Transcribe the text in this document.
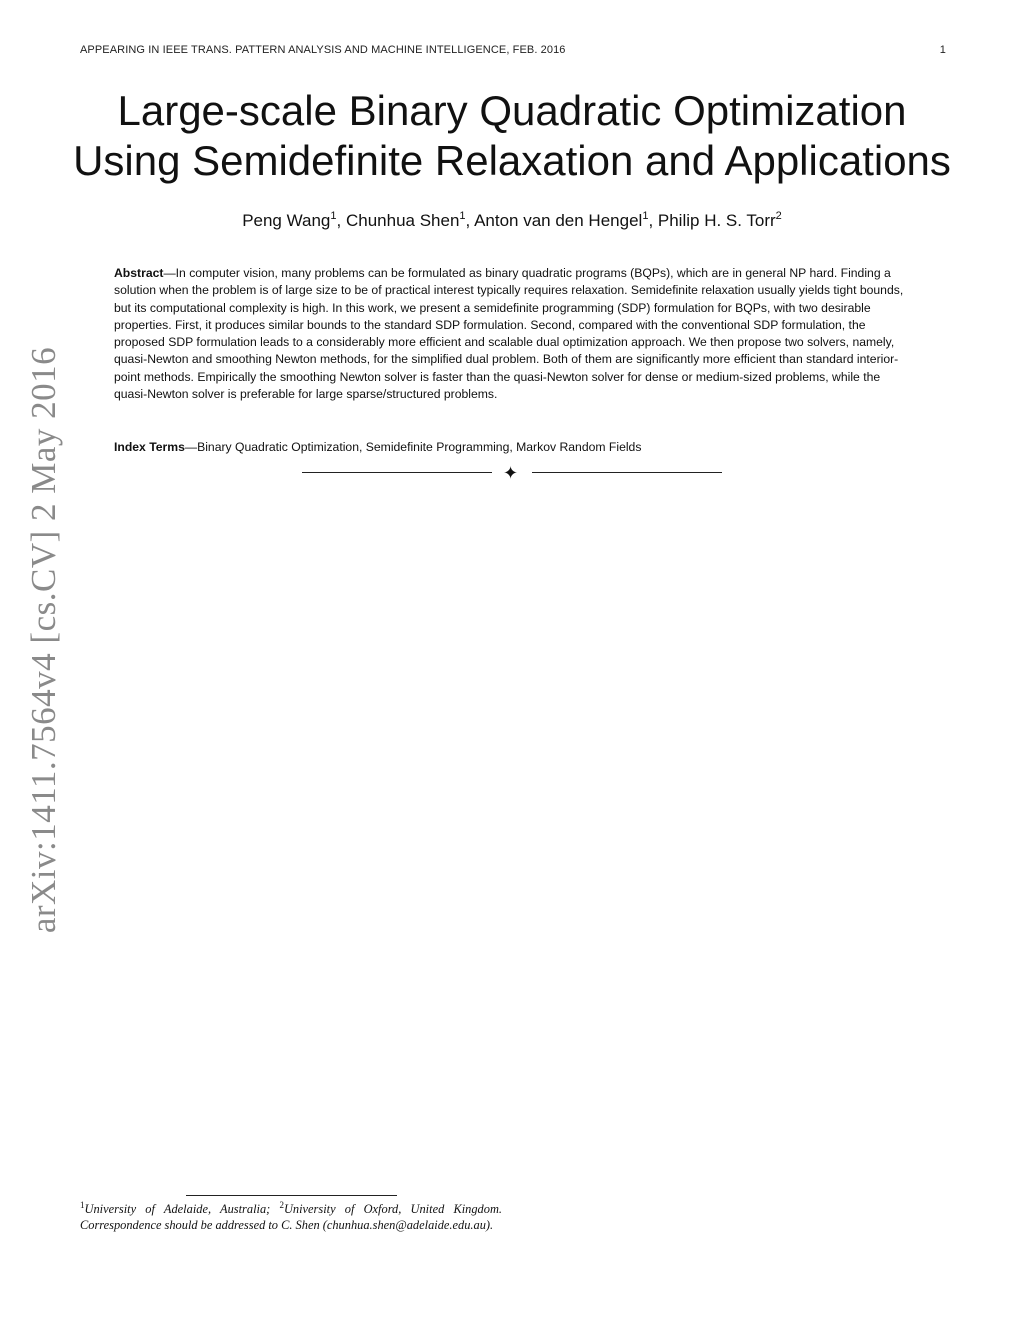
APPEARING IN IEEE TRANS. PATTERN ANALYSIS AND MACHINE INTELLIGENCE, FEB. 2016	1
Large-scale Binary Quadratic Optimization
Using Semidefinite Relaxation and Applications
Peng Wang$^1$, Chunhua Shen$^1$, Anton van den Hengel$^1$, Philip H. S. Torr$^2$

Abstract—In computer vision, many problems can be formulated as binary quadratic programs (BQPs), which are in general NP hard. Finding a solution when the problem is of large size to be of practical interest typically requires relaxation. Semidefinite relaxation usually yields tight bounds, but its computational complexity is high. In this work, we present a semidefinite programming (SDP) formulation for BQPs, with two desirable properties. First, it produces similar bounds to the standard SDP formulation. Second, compared with the conventional SDP formulation, the proposed SDP formulation leads to a considerably more efficient and scalable dual optimization approach. We then propose two solvers, namely, quasi-Newton and smoothing Newton methods, for the simplified dual problem. Both of them are significantly more efficient than standard interior-point methods. Empirically the smoothing Newton solver is faster than the quasi-Newton solver for dense or medium-sized problems, while the quasi-Newton solver is preferable for large sparse/structured problems.

Index Terms—Binary Quadratic Optimization, Semidefinite Programming, Markov Random Fields

✦
arXiv:1411.7564v4 [cs.CV] 2 May 2016

$^1$University of Adelaide, Australia; $^2$University of Oxford, United Kingdom. Correspondence should be addressed to C. Shen (chunhua.shen@adelaide.edu.au).
